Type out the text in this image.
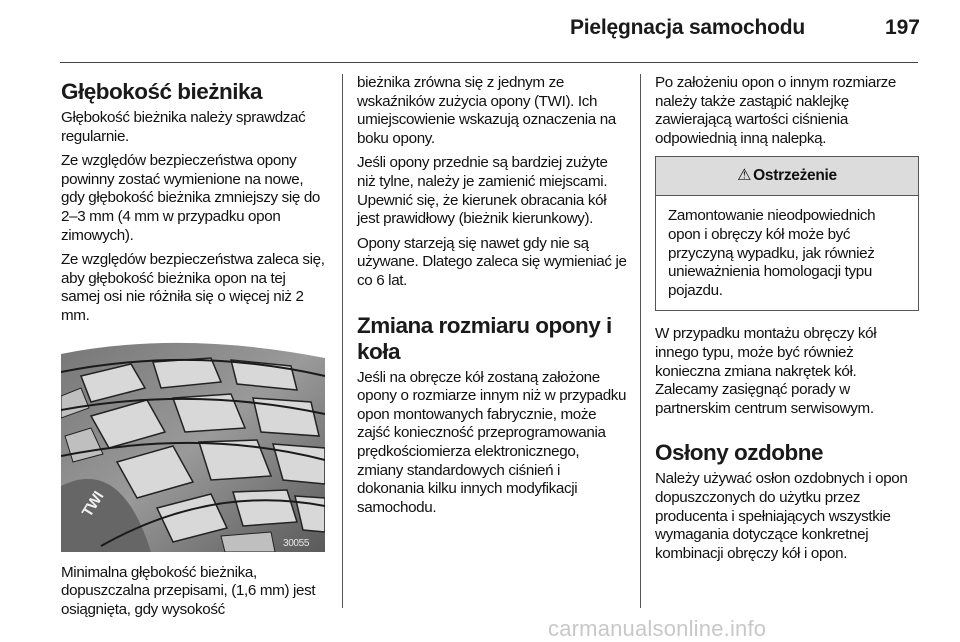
Pielęgnacja samochodu	197
Głębokość bieżnika

Głębokość bieżnika należy sprawdzać regularnie.

Ze względów bezpieczeństwa opony powinny zostać wymienione na nowe, gdy głębokość bieżnika zmniejszy się do 2–3 mm (4 mm w przypadku opon zimowych).

Ze względów bezpieczeństwa zaleca się, aby głębokość bieżnika opon na tej samej osi nie różniła się o więcej niż 2 mm.

TWI
30055

Minimalna głębokość bieżnika, dopuszczalna przepisami, (1,6 mm) jest osiągnięta, gdy wysokość

bieżnika zrówna się z jednym ze wskaźników zużycia opony (TWI). Ich umiejscowienie wskazują oznaczenia na boku opony.

Jeśli opony przednie są bardziej zużyte niż tylne, należy je zamienić miejscami. Upewnić się, że kierunek obracania kół jest prawidłowy (bieżnik kierunkowy).

Opony starzeją się nawet gdy nie są używane. Dlatego zaleca się wymieniać je co 6 lat.

Zmiana rozmiaru opony i koła

Jeśli na obręcze kół zostaną założone opony o rozmiarze innym niż w przypadku opon montowanych fabrycznie, może zajść konieczność przeprogramowania prędkościomierza elektronicznego, zmiany standardowych ciśnień i dokonania kilku innych modyfikacji samochodu.

Po założeniu opon o innym rozmiarze należy także zastąpić naklejkę zawierającą wartości ciśnienia odpowiednią inną nalepką.

⚠ Ostrzeżenie

Zamontowanie nieodpowiednich opon i obręczy kół może być przyczyną wypadku, jak również unieważnienia homologacji typu pojazdu.

W przypadku montażu obręczy kół innego typu, może być również konieczna zmiana nakrętek kół. Zalecamy zasięgnąć porady w partnerskim centrum serwisowym.

Osłony ozdobne

Należy używać osłon ozdobnych i opon dopuszczonych do użytku przez producenta i spełniających wszystkie wymagania dotyczące konkretnej kombinacji obręczy kół i opon.

carmanualsonline.info
